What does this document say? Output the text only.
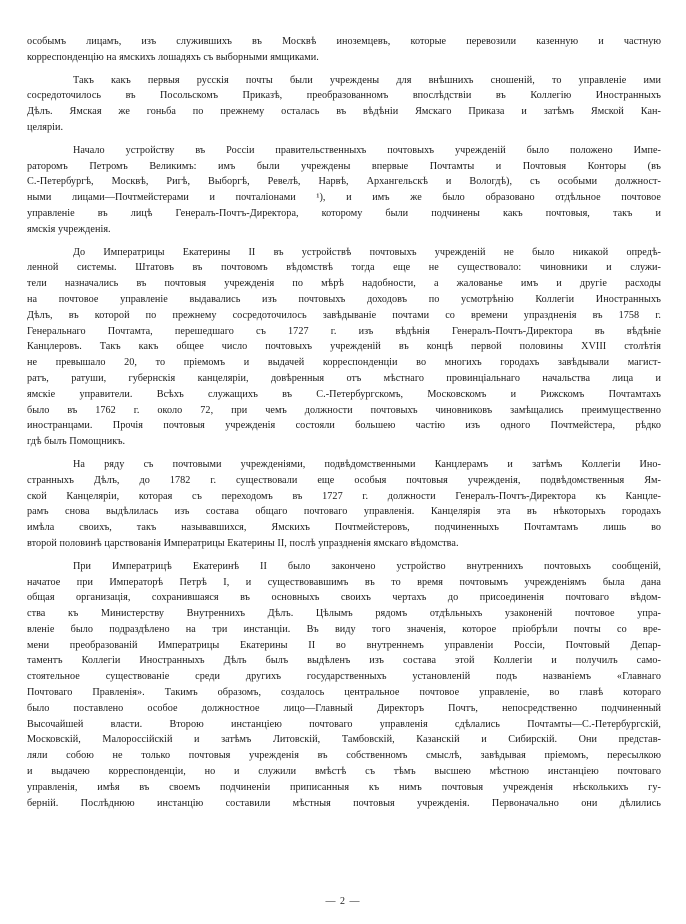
особымъ лицамъ, изъ служившихъ въ Москвѣ иноземцевъ, которые перевозили казенную и частную
корреспонденцію на ямскихъ лошадяхъ съ выборными ямщиками.

Такъ какъ первыя русскія почты были учреждены для внѣшнихъ сношеній, то управленіе ими
сосредоточилось въ Посольскомъ Приказѣ, преобразованномъ впослѣдствіи въ Коллегію Иностранныхъ
Дѣлъ. Ямская же гоньба по прежнему осталась въ вѣдѣніи Ямскаго Приказа и затѣмъ Ямской Кан-
целяріи.

Начало устройству въ Россіи правительственныхъ почтовыхъ учрежденій было положено Импе-
раторомъ Петромъ Великимъ: имъ были учреждены впервые Почтамты и Почтовыя Конторы (въ
С.-Петербургѣ, Москвѣ, Ригѣ, Выборгѣ, Ревелѣ, Нарвѣ, Архангельскѣ и Вологдѣ), съ особыми должност-
ными лицами—Почтмейстерами и почталіонами ¹), и имъ же было образовано отдѣльное почтовое
управленіе въ лицѣ Генералъ-Почтъ-Директора, которому были подчинены какъ почтовыя, такъ и
ямскія учрежденія.

До Императрицы Екатерины II въ устройствѣ почтовыхъ учрежденій не было никакой опредѣ-
ленной системы. Штатовъ въ почтовомъ вѣдомствѣ тогда еще не существовало: чиновники и служи-
тели назначались въ почтовыя учрежденія по мѣрѣ надобности, а жалованье имъ и другіе расходы
на почтовое управленіе выдавались изъ почтовыхъ доходовъ по усмотрѣнію Коллегіи Иностранныхъ
Дѣлъ, въ которой по прежнему сосредоточилось завѣдываніе почтами со времени упраздненія въ 1758 г.
Генеральнаго Почтамта, перешедшаго съ 1727 г. изъ вѣдѣнія Генералъ-Почтъ-Директора въ вѣдѣніе
Канцлеровъ. Такъ какъ общее число почтовыхъ учрежденій въ концѣ первой половины XVIII столѣтія
не превышало 20, то пріемомъ и выдачей корреспонденціи во многихъ городахъ завѣдывали магист-
ратъ, ратуши, губернскія канцеляріи, довѣренныя отъ мѣстнаго провинціальнаго начальства лица и
ямскіе управители. Всѣхъ служащихъ въ С.-Петербургскомъ, Московскомъ и Рижскомъ Почтамтахъ
было въ 1762 г. около 72, при чемъ должности почтовыхъ чиновниковъ замѣщались преимущественно
иностранцами. Прочія почтовыя учрежденія состояли большею частію изъ одного Почтмейстера, рѣдко
гдѣ былъ Помощникъ.

На ряду съ почтовыми учрежденіями, подвѣдомственными Канцлерамъ и затѣмъ Коллегіи Ино-
странныхъ Дѣлъ, до 1782 г. существовали еще особыя почтовыя учрежденія, подвѣдомственныя Ям-
ской Канцеляріи, которая съ переходомъ въ 1727 г. должности Генералъ-Почтъ-Директора къ Канцле-
рамъ снова выдѣлилась изъ состава общаго почтоваго управленія. Канцелярія эта въ нѣкоторыхъ городахъ
имѣла своихъ, такъ называвшихся, Ямскихъ Почтмейстеровъ, подчиненныхъ Почтамтамъ лишь во
второй половинѣ царствованія Императрицы Екатерины II, послѣ упраздненія ямскаго вѣдомства.

При Императрицѣ Екатеринѣ II было закончено устройство внутреннихъ почтовыхъ сообщеній,
начатое при Императорѣ Петрѣ I, и существовавшимъ въ то время почтовымъ учрежденіямъ была дана
общая организація, сохранившаяся въ основныхъ своихъ чертахъ до присоединенія почтоваго вѣдом-
ства къ Министерству Внутреннихъ Дѣлъ. Цѣлымъ рядомъ отдѣльныхъ узаконеній почтовое упра-
вленіе было подраздѣлено на три инстанціи. Въ виду того значенія, которое пріобрѣли почты со вре-
мени преобразованій Императрицы Екатерины II во внутреннемъ управленіи Россіи, Почтовый Депар-
таментъ Коллегіи Иностранныхъ Дѣлъ былъ выдѣленъ изъ состава этой Коллегіи и получилъ само-
стоятельное существованіе среди другихъ государственныхъ установленій подъ названіемъ «Главнаго
Почтоваго Правленія». Такимъ образомъ, создалось центральное почтовое управленіе, во главѣ котораго
было поставлено особое должностное лицо—Главный Директоръ Почтъ, непосредственно подчиненный
Высочайшей власти. Второю инстанціею почтоваго управленія сдѣлались Почтамты—С.-Петербургскій,
Московскій, Малороссійскій и затѣмъ Литовскій, Тамбовскій, Казанскій и Сибирскій. Они представ-
ляли собою не только почтовыя учрежденія въ собственномъ смыслѣ, завѣдывая пріемомъ, пересылкою
и выдачею корреспонденціи, но и служили вмѣстѣ съ тѣмъ высшею мѣстною инстанціею почтоваго
управленія, имѣя въ своемъ подчиненіи приписанныя къ нимъ почтовыя учрежденія нѣсколькихъ гу-
берній. Послѣднюю инстанцію составили мѣстныя почтовыя учрежденія. Первоначально они дѣлились

— 2 —
